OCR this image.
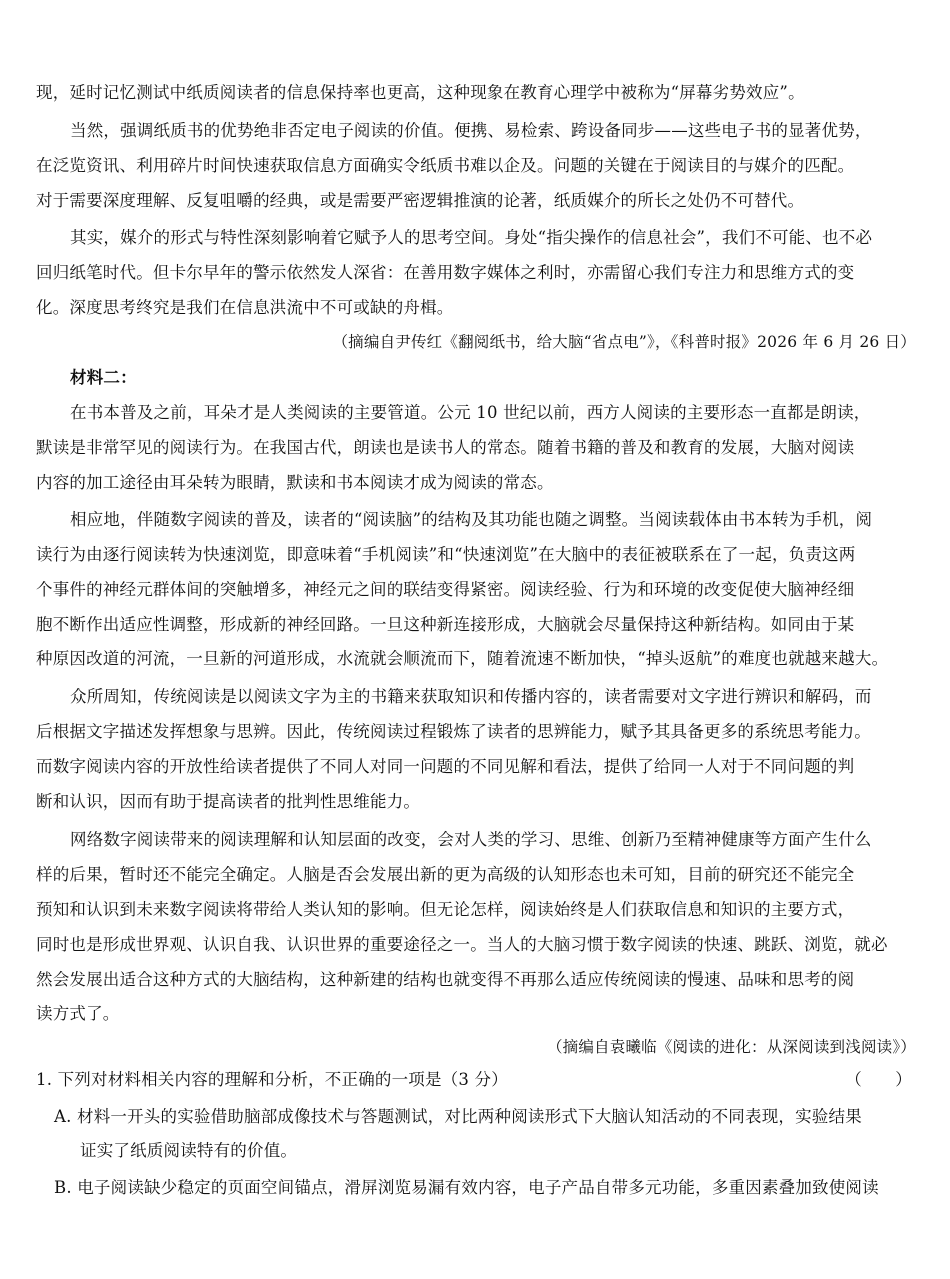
现，延时记忆测试中纸质阅读者的信息保持率也更高，这种现象在教育心理学中被称为“屏幕劣势效应”。
当然，强调纸质书的优势绝非否定电子阅读的价值。便携、易检索、跨设备同步——这些电子书的显著优势，
在泛览资讯、利用碎片时间快速获取信息方面确实令纸质书难以企及。问题的关键在于阅读目的与媒介的匹配。
对于需要深度理解、反复咀嚼的经典，或是需要严密逻辑推演的论著，纸质媒介的所长之处仍不可替代。
其实，媒介的形式与特性深刻影响着它赋予人的思考空间。身处“指尖操作的信息社会”，我们不可能、也不必
回归纸笔时代。但卡尔早年的警示依然发人深省：在善用数字媒体之利时，亦需留心我们专注力和思维方式的变
化。深度思考终究是我们在信息洪流中不可或缺的舟楫。
（摘编自尹传红《翻阅纸书，给大脑“省点电”》，《科普时报》2026 年 6 月 26 日）
材料二：
在书本普及之前，耳朵才是人类阅读的主要管道。公元 10 世纪以前，西方人阅读的主要形态一直都是朗读，
默读是非常罕见的阅读行为。在我国古代，朗读也是读书人的常态。随着书籍的普及和教育的发展，大脑对阅读
内容的加工途径由耳朵转为眼睛，默读和书本阅读才成为阅读的常态。
相应地，伴随数字阅读的普及，读者的“阅读脑”的结构及其功能也随之调整。当阅读载体由书本转为手机，阅
读行为由逐行阅读转为快速浏览，即意味着“手机阅读”和“快速浏览”在大脑中的表征被联系在了一起，负责这两
个事件的神经元群体间的突触增多，神经元之间的联结变得紧密。阅读经验、行为和环境的改变促使大脑神经细
胞不断作出适应性调整，形成新的神经回路。一旦这种新连接形成，大脑就会尽量保持这种新结构。如同由于某
种原因改道的河流，一旦新的河道形成，水流就会顺流而下，随着流速不断加快，“掉头返航”的难度也就越来越大。
众所周知，传统阅读是以阅读文字为主的书籍来获取知识和传播内容的，读者需要对文字进行辨识和解码，而
后根据文字描述发挥想象与思辨。因此，传统阅读过程锻炼了读者的思辨能力，赋予其具备更多的系统思考能力。
而数字阅读内容的开放性给读者提供了不同人对同一问题的不同见解和看法，提供了给同一人对于不同问题的判
断和认识，因而有助于提高读者的批判性思维能力。
网络数字阅读带来的阅读理解和认知层面的改变，会对人类的学习、思维、创新乃至精神健康等方面产生什么
样的后果，暂时还不能完全确定。人脑是否会发展出新的更为高级的认知形态也未可知，目前的研究还不能完全
预知和认识到未来数字阅读将带给人类认知的影响。但无论怎样，阅读始终是人们获取信息和知识的主要方式，
同时也是形成世界观、认识自我、认识世界的重要途径之一。当人的大脑习惯于数字阅读的快速、跳跃、浏览，就必
然会发展出适合这种方式的大脑结构，这种新建的结构也就变得不再那么适应传统阅读的慢速、品味和思考的阅
读方式了。
（摘编自袁曦临《阅读的进化：从深阅读到浅阅读》）
1. 下列对材料相关内容的理解和分析，不正确的一项是（3 分）	（　　）
A. 材料一开头的实验借助脑部成像技术与答题测试，对比两种阅读形式下大脑认知活动的不同表现，实验结果
证实了纸质阅读特有的价值。
B. 电子阅读缺少稳定的页面空间锚点，滑屏浏览易漏有效内容，电子产品自带多元功能，多重因素叠加致使阅读
